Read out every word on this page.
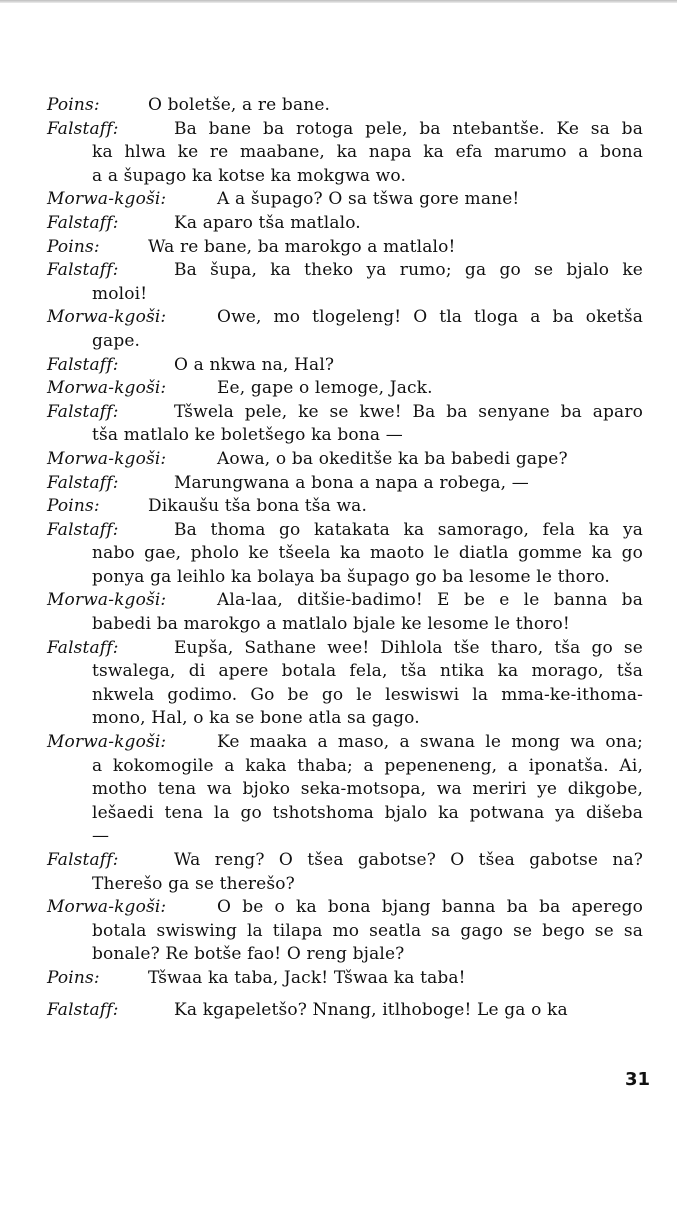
Poins:	O boletše, a re bane.
Falstaff:	Ba bane ba rotoga pele, ba ntebantše. Ke sa ba
ka hlwa ke re maabane, ka napa ka efa marumo a bona
a a šupago ka kotse ka mokgwa wo.
Morwa-kgoši:	A a šupago? O sa tšwa gore mane!
Falstaff:	Ka aparo tša matlalo.
Poins:	Wa re bane, ba marokgo a matlalo!
Falstaff:	Ba šupa, ka theko ya rumo; ga go se bjalo ke
moloi!
Morwa-kgoši:	Owe, mo tlogeleng! O tla tloga a ba oketša
gape.
Falstaff:	O a nkwa na, Hal?
Morwa-kgoši:	Ee, gape o lemoge, Jack.
Falstaff:	Tšwela pele, ke se kwe! Ba ba senyane ba aparo
tša matlalo ke boletšego ka bona —
Morwa-kgoši:	Aowa, o ba okeditše ka ba babedi gape?
Falstaff:	Marungwana a bona a napa a robega, —
Poins:	Dikaušu tša bona tša wa.
Falstaff:	Ba thoma go katakata ka samorago, fela ka ya
nabo gae, pholo ke tšeela ka maoto le diatla gomme ka go
ponya ga leihlo ka bolaya ba šupago go ba lesome le thoro.
Morwa-kgoši:	Ala-laa, ditšie-badimo! E be e le banna ba
babedi ba marokgo a matlalo bjale ke lesome le thoro!
Falstaff:	Eupša, Sathane wee! Dihlola tše tharo, tša go se
tswalega, di apere botala fela, tša ntika ka morago, tša
nkwela godimo. Go be go le leswiswi la mma-ke-ithoma-
mono, Hal, o ka se bone atla sa gago.
Morwa-kgoši:	Ke maaka a maso, a swana le mong wa ona;
a kokomogile a kaka thaba; a pepeneneng, a iponatša. Ai,
motho tena wa bjoko seka-motsopa, wa meriri ye dikgobe,
lešaedi tena la go tshotshoma bjalo ka potwana ya dišeba
—
Falstaff:	Wa reng? O tšea gabotse? O tšea gabotse na?
Therešo ga se therešo?
Morwa-kgoši:	O be o ka bona bjang banna ba ba aperego
botala swiswing la tilapa mo seatla sa gago se bego se sa
bonale? Re botše fao! O reng bjale?
Poins:	Tšwaa ka taba, Jack! Tšwaa ka taba!
Falstaff:	Ka kgapeletšo? Nnang, itlhoboge! Le ga o ka
31
